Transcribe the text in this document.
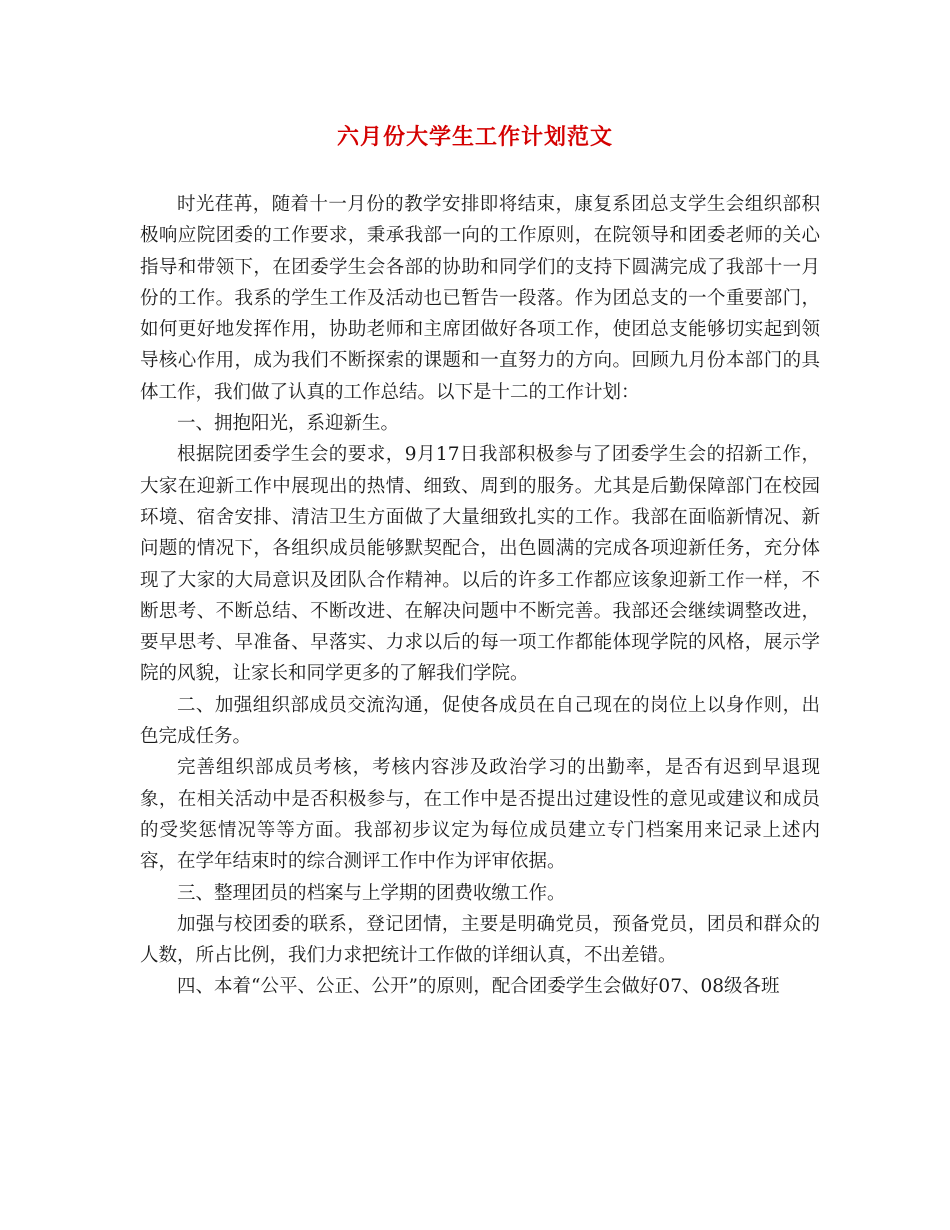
六月份大学生工作计划范文

时光荏苒，随着十一月份的教学安排即将结束，康复系团总支学生会组织部积极响应院团委的工作要求，秉承我部一向的工作原则，在院领导和团委老师的关心指导和带领下，在团委学生会各部的协助和同学们的支持下圆满完成了我部十一月份的工作。我系的学生工作及活动也已暂告一段落。作为团总支的一个重要部门，如何更好地发挥作用，协助老师和主席团做好各项工作，使团总支能够切实起到领导核心作用，成为我们不断探索的课题和一直努力的方向。回顾九月份本部门的具体工作，我们做了认真的工作总结。以下是十二的工作计划：

一、拥抱阳光，系迎新生。

根据院团委学生会的要求，9月17日我部积极参与了团委学生会的招新工作，大家在迎新工作中展现出的热情、细致、周到的服务。尤其是后勤保障部门在校园环境、宿舍安排、清洁卫生方面做了大量细致扎实的工作。我部在面临新情况、新问题的情况下，各组织成员能够默契配合，出色圆满的完成各项迎新任务，充分体现了大家的大局意识及团队合作精神。以后的许多工作都应该象迎新工作一样，不断思考、不断总结、不断改进、在解决问题中不断完善。我部还会继续调整改进，要早思考、早准备、早落实、力求以后的每一项工作都能体现学院的风格，展示学院的风貌，让家长和同学更多的了解我们学院。

二、加强组织部成员交流沟通，促使各成员在自己现在的岗位上以身作则，出色完成任务。

完善组织部成员考核，考核内容涉及政治学习的出勤率，是否有迟到早退现象，在相关活动中是否积极参与，在工作中是否提出过建设性的意见或建议和成员的受奖惩情况等等方面。我部初步议定为每位成员建立专门档案用来记录上述内容，在学年结束时的综合测评工作中作为评审依据。

三、整理团员的档案与上学期的团费收缴工作。

加强与校团委的联系，登记团情，主要是明确党员，预备党员，团员和群众的人数，所占比例，我们力求把统计工作做的详细认真，不出差错。

四、本着“公平、公正、公开”的原则，配合团委学生会做好07、08级各班
